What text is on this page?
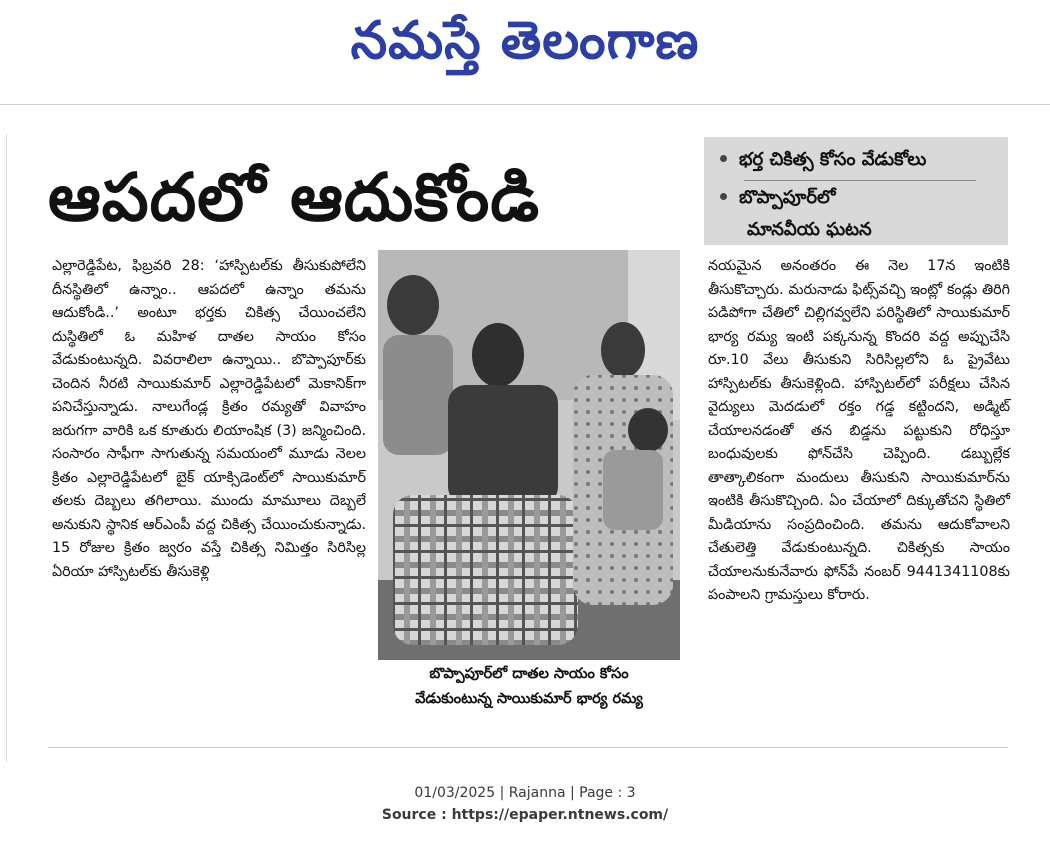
నమస్తే తెలంగాణ
ఆపదలో ఆదుకోండి	భర్త చికిత్స కోసం వేడుకోలు
బొప్పాపూర్‌లో
మానవీయ ఘటన

ఎల్లారెడ్డిపేట, ఫిబ్రవరి 28: ‘హాస్పిటల్‌కు తీసుకుపోలేని దీనస్థితిలో ఉన్నాం.. ఆపదలో ఉన్నాం తమను ఆదుకోండి..’ అంటూ భర్తకు చికిత్స చేయించలేని దుస్థితిలో ఓ మహిళ దాతల సాయం కోసం వేడుకుంటున్నది. వివరాలిలా ఉన్నాయి.. బొప్పాపూర్‌కు చెందిన నీరటి సాయికుమార్ ఎల్లారెడ్డిపేటలో మెకానిక్‌గా పనిచేస్తున్నాడు. నాలుగేండ్ల క్రితం రమ్యతో వివాహం జరుగగా వారికి ఒక కూతురు లియాంషిక (3) జన్మించింది. సంసారం సాఫీగా సాగుతున్న సమయంలో మూడు నెలల క్రితం ఎల్లారెడ్డిపేటలో బైక్ యాక్సిడెంట్‌లో సాయికుమార్ తలకు దెబ్బలు తగిలాయి. ముందు మామూలు దెబ్బలే అనుకుని స్థానిక ఆర్‌ఎంపీ వద్ద చికిత్స చేయించుకున్నాడు. 15 రోజుల క్రితం జ్వరం వస్తే చికిత్స నిమిత్తం సిరిసిల్ల ఏరియా హాస్పిటల్‌కు తీసుకెళ్లి

బొప్పాపూర్‌లో దాతల సాయం కోసం
వేడుకుంటున్న సాయికుమార్ భార్య రమ్య

నయమైన అనంతరం ఈ నెల 17న ఇంటికి తీసుకొచ్చారు. మరునాడు ఫిట్స్‌వచ్చి ఇంట్లో కండ్లు తిరిగి పడిపోగా చేతిలో చిల్లిగవ్వలేని పరిస్థితిలో సాయికుమార్ భార్య రమ్య ఇంటి పక్కనున్న కొందరి వద్ద అప్పుచేసి రూ.10 వేలు తీసుకుని సిరిసిల్లలోని ఓ ప్రైవేటు హాస్పిటల్‌కు తీసుకెళ్లింది. హాస్పిటల్‌లో పరీక్షలు చేసిన వైద్యులు మెదడులో రక్తం గడ్డ కట్టిందని, అడ్మిట్ చేయాలనడంతో తన బిడ్డను పట్టుకుని రోధిస్తూ బంధువులకు ఫోన్‌చేసి చెప్పింది. డబ్బుల్లేక తాత్కాలికంగా మందులు తీసుకుని సాయికుమార్‌ను ఇంటికి తీసుకొచ్చింది. ఏం చేయాలో దిక్కుతోచని స్థితిలో మీడియాను సంప్రదించింది. తమను ఆదుకోవాలని చేతులెత్తి వేడుకుంటున్నది. చికిత్సకు సాయం చేయాలనుకునేవారు ఫోన్‌పే నంబర్ 9441341108కు పంపాలని గ్రామస్తులు కోరారు.

01/03/2025 | Rajanna | Page : 3
Source : https://epaper.ntnews.com/
